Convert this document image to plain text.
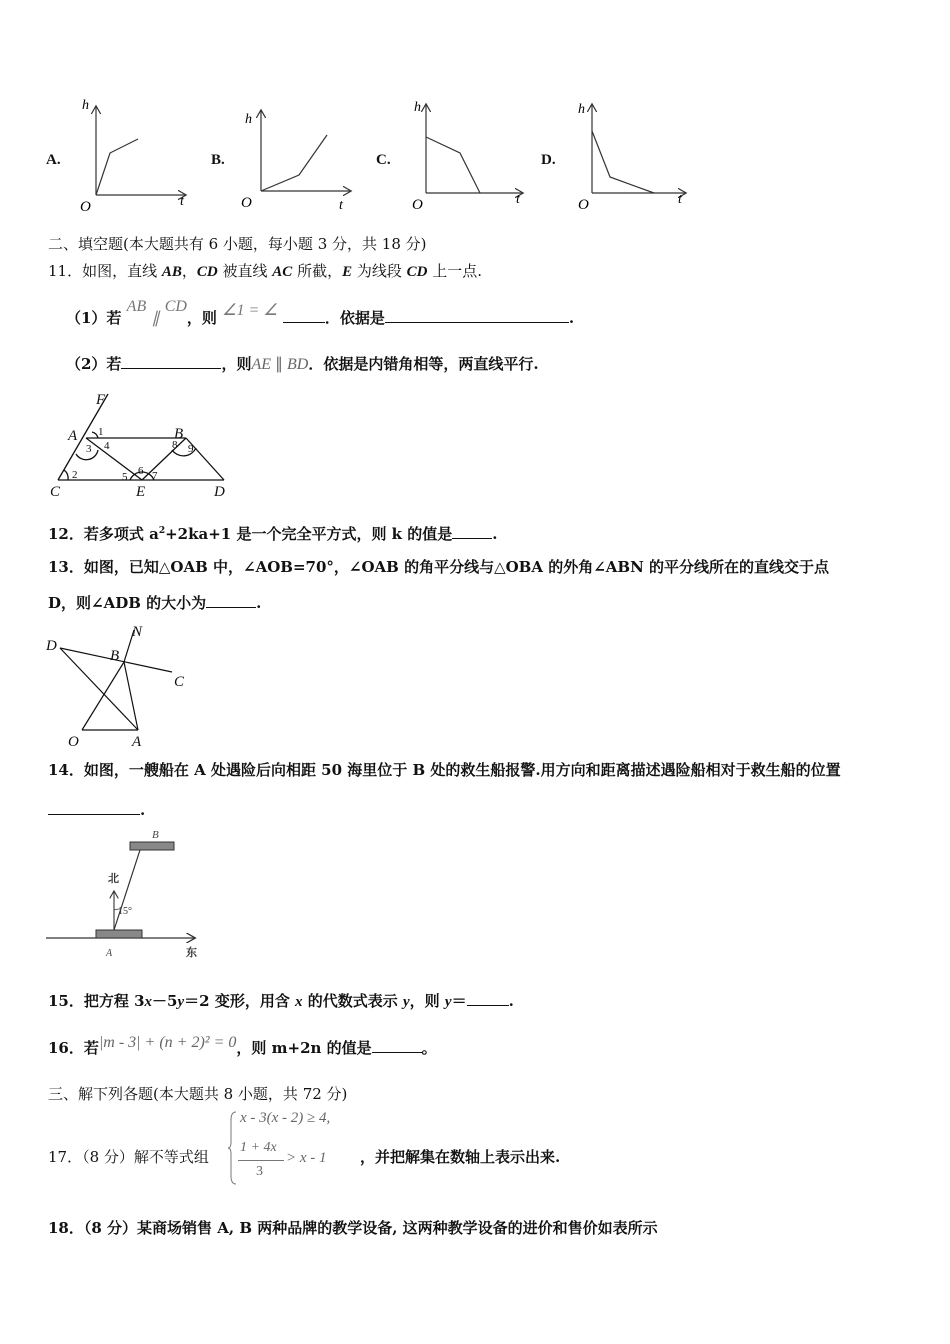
A.
h
t
O
B.
h
t
O
C.
h
t
O
D.
h
t
O
二、填空题(本大题共有 6 小题，每小题 3 分，共 18 分)
11．如图，直线 AB，CD 被直线 AC 所截，E 为线段 CD 上一点.
（1）若 AB ∥ CD，则 ∠1 = ∠	．依据是	.
（2）若	，则AE ∥ BD．依据是内错角相等，两直线平行.
1
3 4
2	5 6 7
8 9
F
A	B
C	E	D
12．若多项式 $a^2+2ka+1$ 是一个完全平方式，则 k 的值是	.
13．如图，已知△OAB 中，∠AOB=70°，∠OAB 的角平分线与△OBA 的外角∠ABN 的平分线所在的直线交于点
D，则∠ADB 的大小为	.
D
N
B
C
O	A
14．如图，一艘船在 A 处遇险后向相距 50 海里位于 B 处的救生船报警.用方向和距离描述遇险船相对于救生船的位置
.
B
北
15°
A	东
15．把方程 3x－5y＝2 变形，用含 x 的代数式表示 y，则 y＝	.
16．若|m - 3| + (n + 2)² = 0，则 m+2n 的值是	。
三、解下列各题(本大题共 8 小题，共 72 分)
17．（8 分）解不等式组
x - 3(x - 2) ≥ 4,
1 + 4x
3
> x - 1 ，并把解集在数轴上表示出来.
18．（8 分）某商场销售 A, B 两种品牌的教学设备, 这两种教学设备的进价和售价如表所示
